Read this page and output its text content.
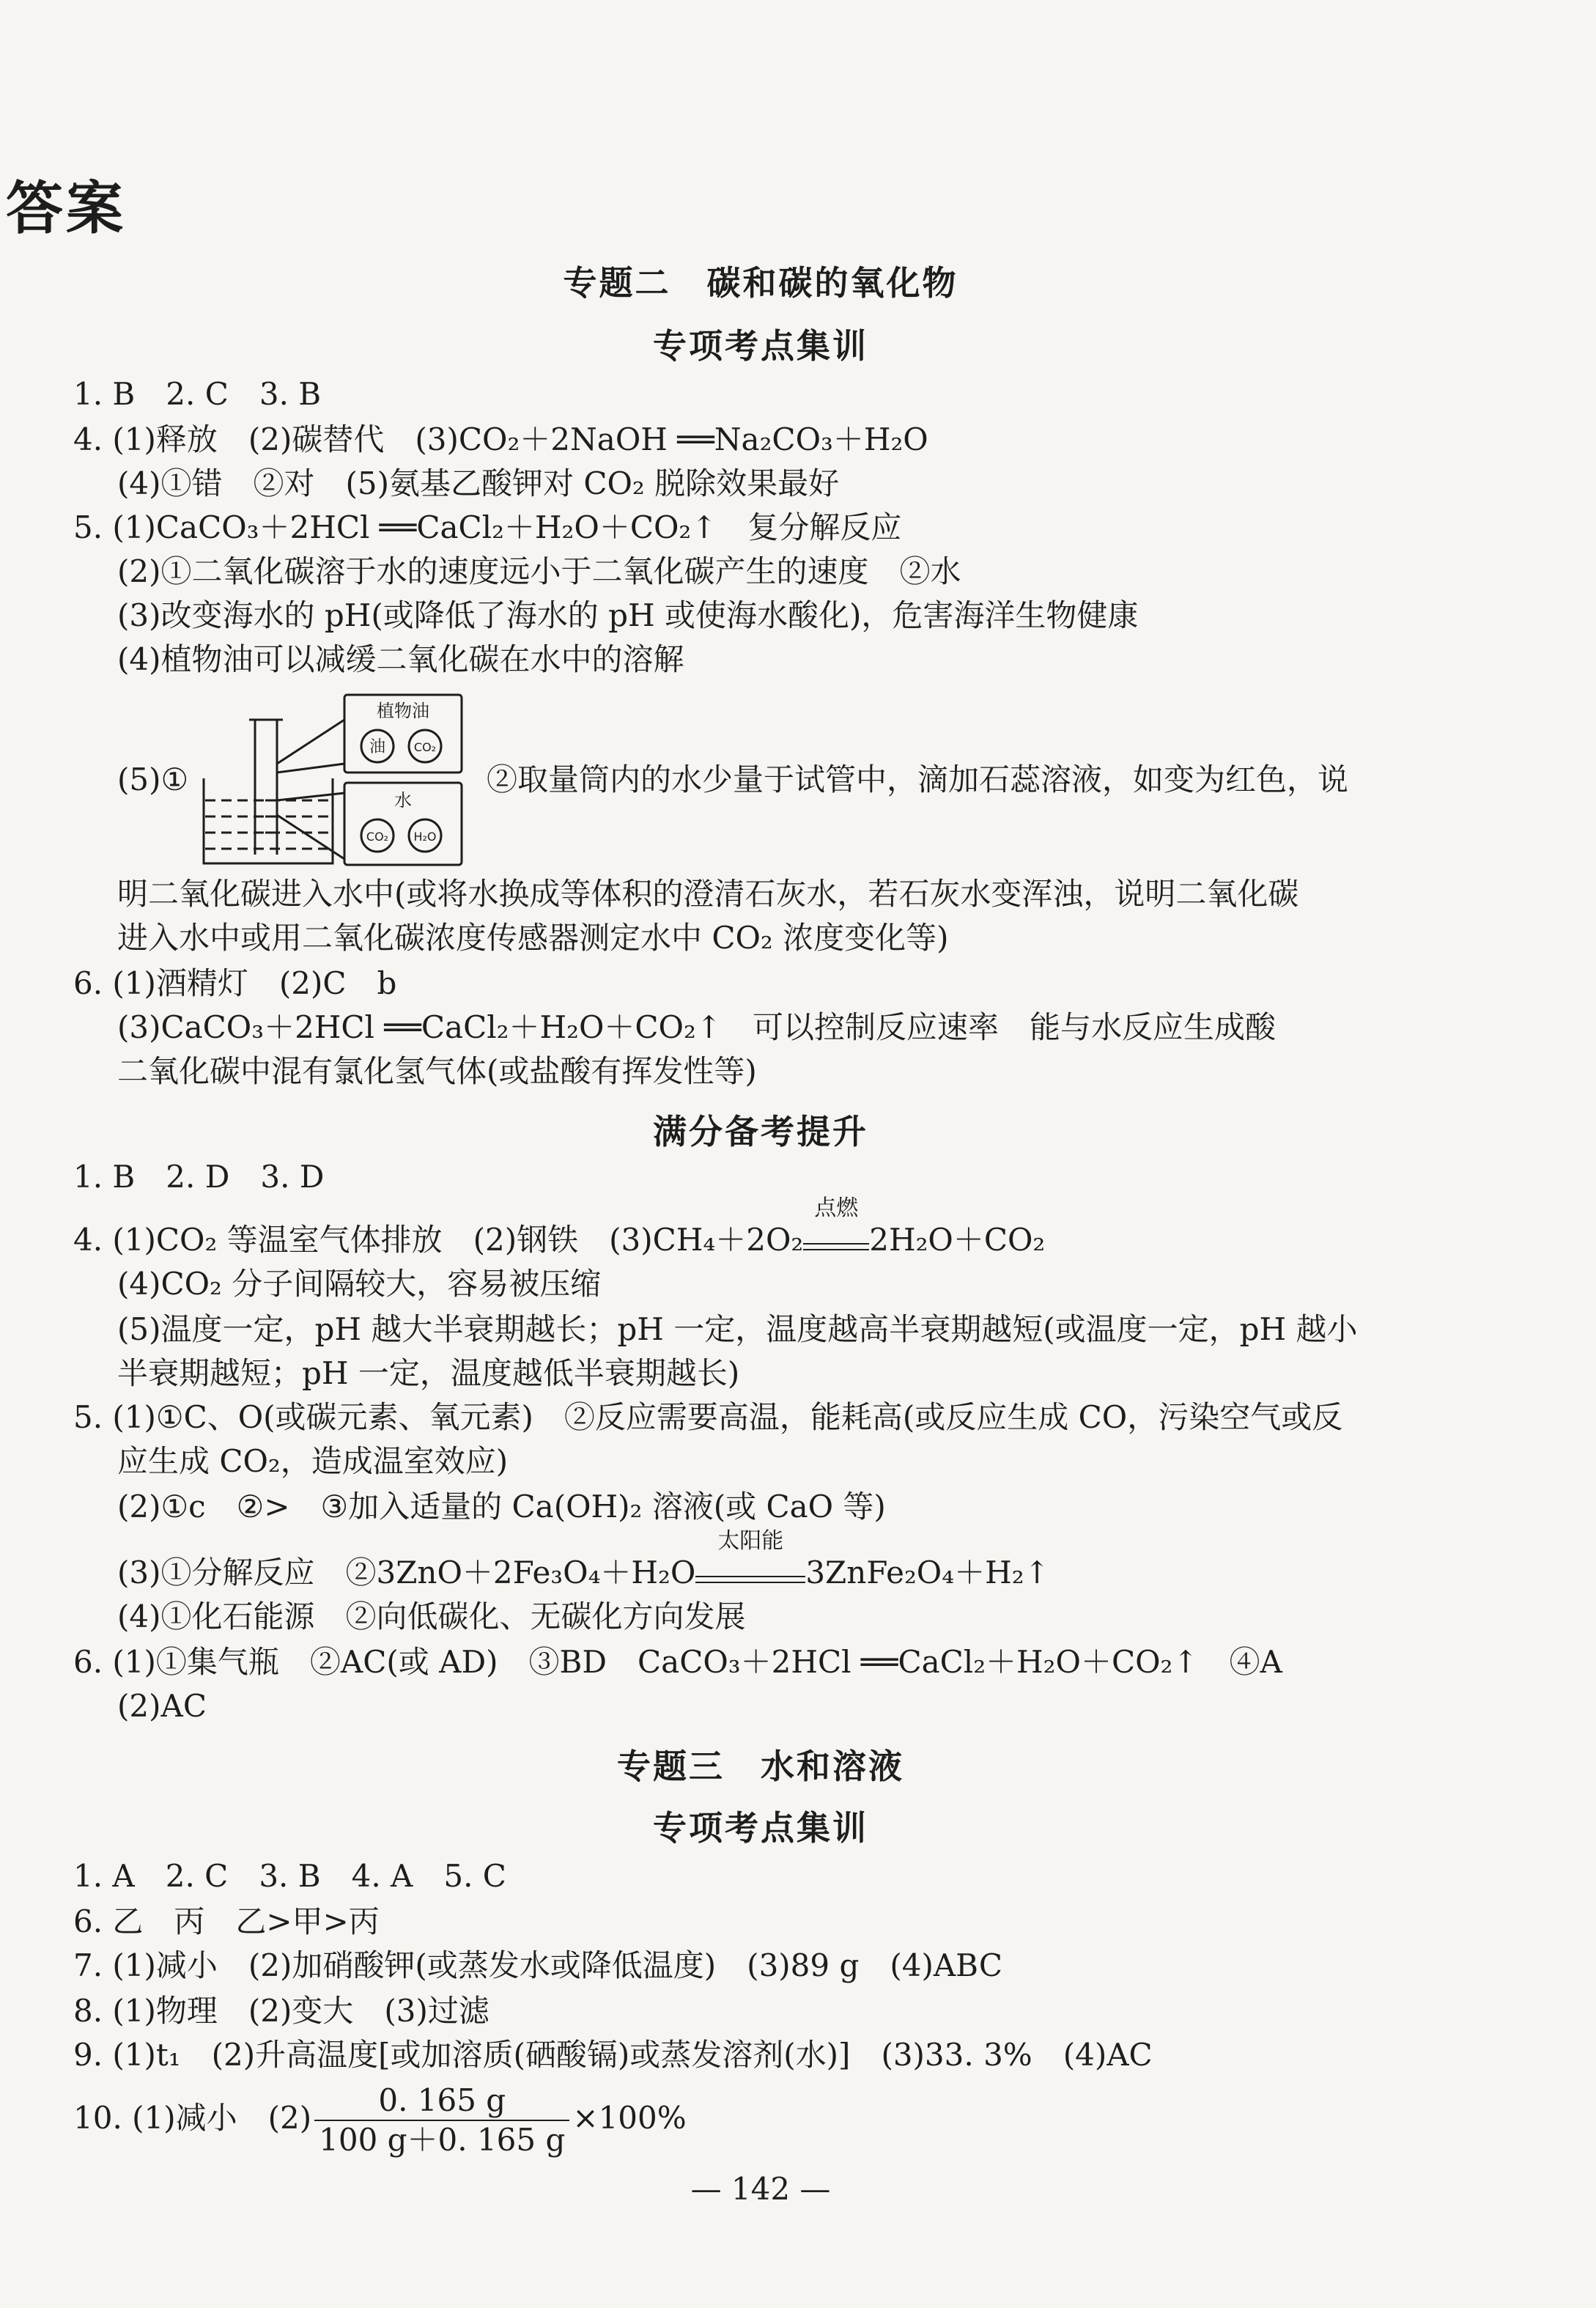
答案
专题二　碳和碳的氧化物
专项考点集训
1. B　2. C　3. B
4. (1)释放　(2)碳替代　(3)CO₂＋2NaOH ══Na₂CO₃＋H₂O
(4)①错　②对　(5)氨基乙酸钾对 CO₂ 脱除效果最好
5. (1)CaCO₃＋2HCl ══CaCl₂＋H₂O＋CO₂↑　复分解反应
(2)①二氧化碳溶于水的速度远小于二氧化碳产生的速度　②水
(3)改变海水的 pH(或降低了海水的 pH 或使海水酸化)，危害海洋生物健康
(4)植物油可以减缓二氧化碳在水中的溶解
(5)①
植物油
水
油 CO₂
CO₂ H₂O
②取量筒内的水少量于试管中，滴加石蕊溶液，如变为红色，说
明二氧化碳进入水中(或将水换成等体积的澄清石灰水，若石灰水变浑浊，说明二氧化碳
进入水中或用二氧化碳浓度传感器测定水中 CO₂ 浓度变化等)
6. (1)酒精灯　(2)C　b
(3)CaCO₃＋2HCl ══CaCl₂＋H₂O＋CO₂↑　可以控制反应速率　能与水反应生成酸
二氧化碳中混有氯化氢气体(或盐酸有挥发性等)
满分备考提升
1. B　2. D　3. D
4. (1)CO₂ 等温室气体排放　(2)钢铁　(3)CH₄＋2O₂
点燃
2H₂O＋CO₂
(4)CO₂ 分子间隔较大，容易被压缩
(5)温度一定，pH 越大半衰期越长；pH 一定，温度越高半衰期越短(或温度一定，pH 越小
半衰期越短；pH 一定，温度越低半衰期越长)
5. (1)①C、O(或碳元素、氧元素)　②反应需要高温，能耗高(或反应生成 CO，污染空气或反
应生成 CO₂，造成温室效应)
(2)①c　②>　③加入适量的 Ca(OH)₂ 溶液(或 CaO 等)
(3)①分解反应　②3ZnO＋2Fe₃O₄＋H₂O
太阳能
3ZnFe₂O₄＋H₂↑
(4)①化石能源　②向低碳化、无碳化方向发展
6. (1)①集气瓶　②AC(或 AD)　③BD　CaCO₃＋2HCl ══CaCl₂＋H₂O＋CO₂↑　④A
(2)AC
专题三　水和溶液
专项考点集训
1. A　2. C　3. B　4. A　5. C
6. 乙　丙　乙>甲>丙
7. (1)减小　(2)加硝酸钾(或蒸发水或降低温度)　(3)89 g　(4)ABC
8. (1)物理　(2)变大　(3)过滤
9. (1)t₁　(2)升高温度[或加溶质(硒酸镉)或蒸发溶剂(水)]　(3)33. 3%　(4)AC
10. (1)减小　$(2) \frac{0. 165 g}{100 g+0. 165 g} \times 100\%$
— 142 —
